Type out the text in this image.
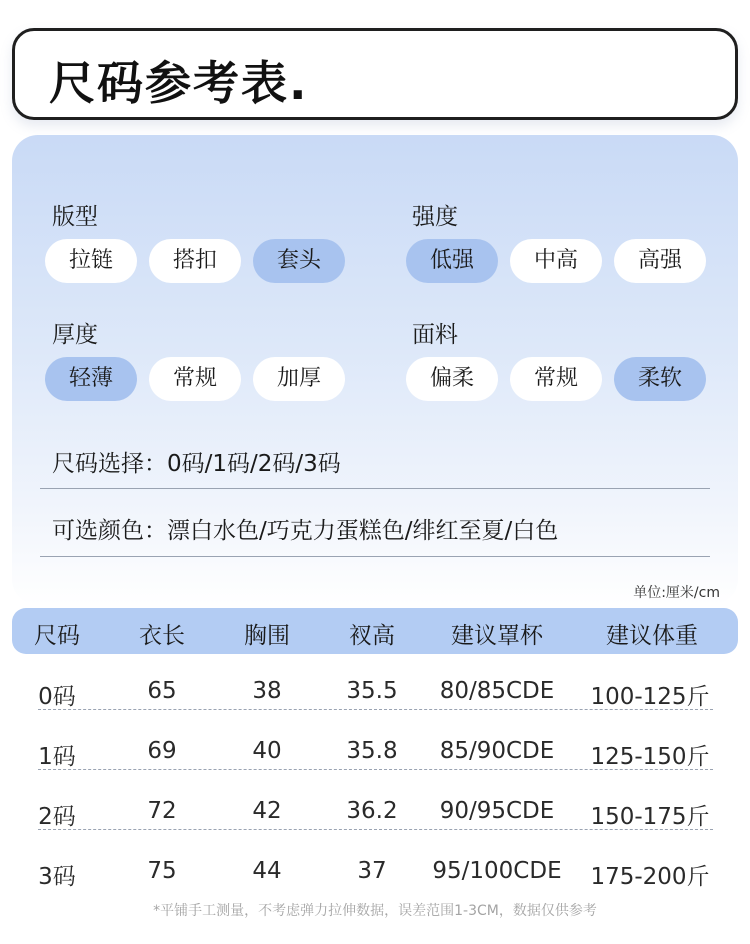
尺码参考表.
版型
拉链	搭扣	套头
强度
低强	中高	高强
厚度
轻薄	常规	加厚
面料
偏柔	常规	柔软
尺码选择：0码/1码/2码/3码
可选颜色：漂白水色/巧克力蛋糕色/绯红至夏/白色
单位:厘米/cm
尺码	衣长	胸围	衩高	建议罩杯	建议体重
0码	65	38	35.5	80/85CDE	100-125斤
1码	69	40	35.8	85/90CDE	125-150斤
2码	72	42	36.2	90/95CDE	150-175斤
3码	75	44	37	95/100CDE	175-200斤
*平铺手工测量，不考虑弹力拉伸数据，误差范围1-3CM，数据仅供参考
